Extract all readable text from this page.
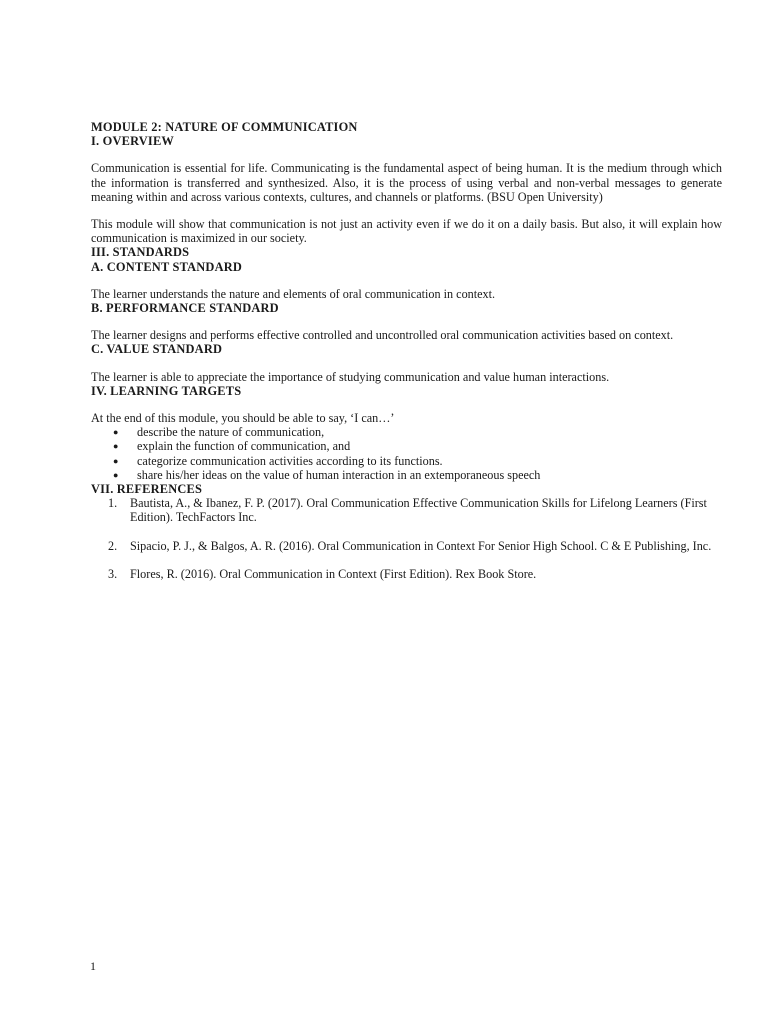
MODULE 2: NATURE OF COMMUNICATION
I. OVERVIEW

Communication is essential for life. Communicating is the fundamental aspect of being human. It is the medium through which the information is transferred and synthesized. Also, it is the process of using verbal and non-verbal messages to generate meaning within and across various contexts, cultures, and channels or platforms. (BSU Open University)

This module will show that communication is not just an activity even if we do it on a daily basis. But also, it will explain how communication is maximized in our society.

III. STANDARDS
A. CONTENT STANDARD

The learner understands the nature and elements of oral communication in context.

B. PERFORMANCE STANDARD

The learner designs and performs effective controlled and uncontrolled oral communication activities based on context.

C. VALUE STANDARD

The learner is able to appreciate the importance of studying communication and value human interactions.

IV. LEARNING TARGETS

At the end of this module, you should be able to say, ‘I can…’

● describe the nature of communication,
● explain the function of communication, and
● categorize communication activities according to its functions.
● share his/her ideas on the value of human interaction in an extemporaneous speech
VII. REFERENCES
1. Bautista, A., & Ibanez, F. P. (2017). Oral Communication Effective Communication Skills for Lifelong Learners (First Edition). TechFactors Inc.
2. Sipacio, P. J., & Balgos, A. R. (2016). Oral Communication in Context For Senior High School. C & E Publishing, Inc.
3. Flores, R. (2016). Oral Communication in Context (First Edition). Rex Book Store.
1
